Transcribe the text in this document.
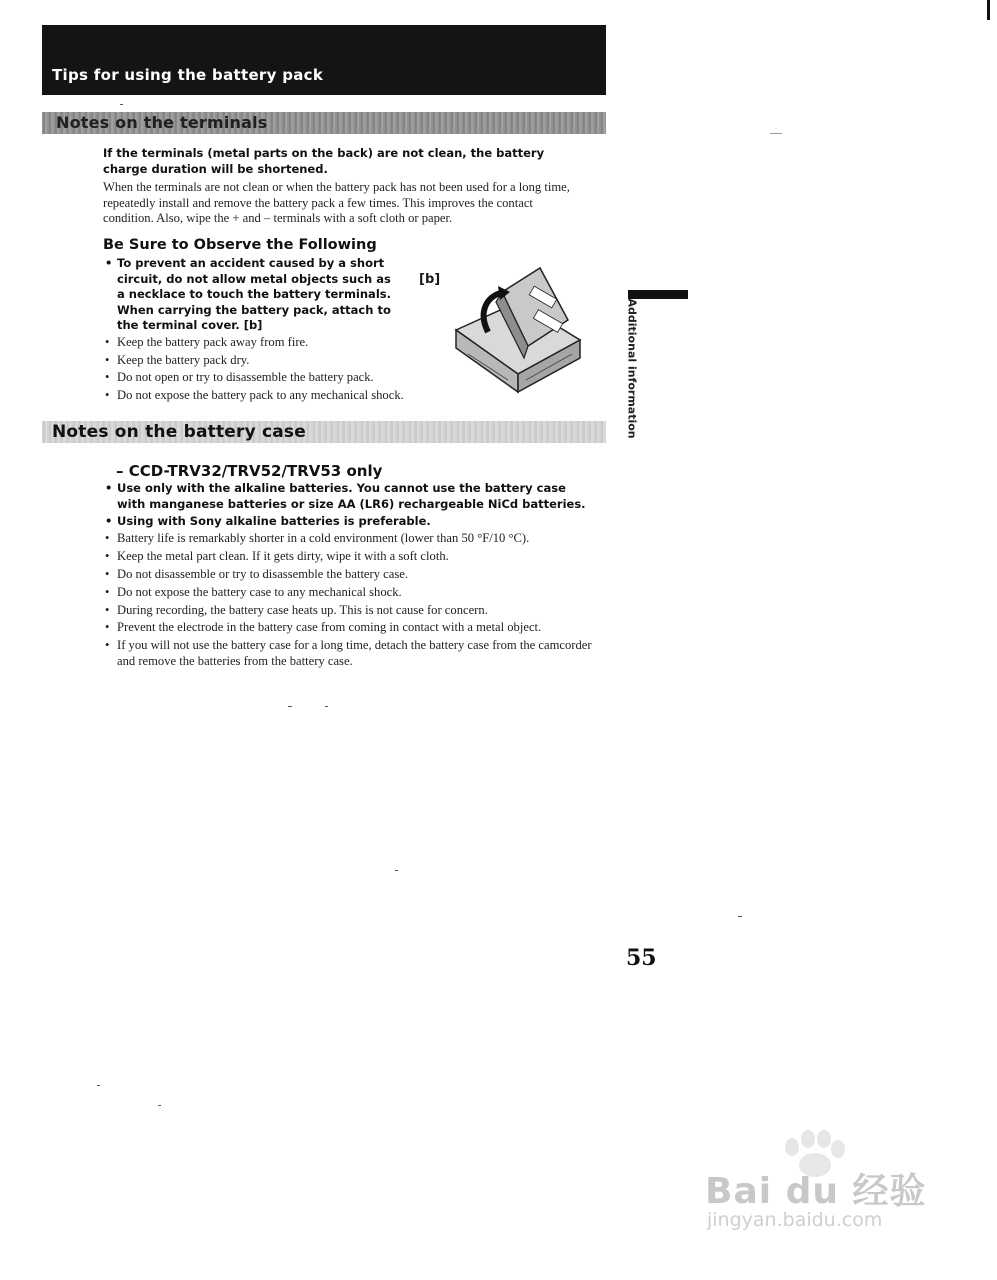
Tips for using the battery pack
Notes on the terminals
If the terminals (metal parts on the back) are not clean, the battery charge duration will be shortened.
When the terminals are not clean or when the battery pack has not been used for a long time, repeatedly install and remove the battery pack a few times. This improves the contact condition. Also, wipe the + and – terminals with a soft cloth or paper.
Be Sure to Observe the Following
• To prevent an accident caused by a short circuit, do not allow metal objects such as a necklace to touch the battery terminals. When carrying the battery pack, attach to the terminal cover. [b]
• Keep the battery pack away from fire.
• Keep the battery pack dry.
• Do not open or try to disassemble the battery pack.
• Do not expose the battery pack to any mechanical shock.
[b]
Notes on the battery case
– CCD-TRV32/TRV52/TRV53 only
• Use only with the alkaline batteries. You cannot use the battery case with manganese batteries or size AA (LR6) rechargeable NiCd batteries.
• Using with Sony alkaline batteries is preferable.
• Battery life is remarkably shorter in a cold environment (lower than 50 °F/10 °C).
• Keep the metal part clean. If it gets dirty, wipe it with a soft cloth.
• Do not disassemble or try to disassemble the battery case.
• Do not expose the battery case to any mechanical shock.
• During recording, the battery case heats up. This is not cause for concern.
• Prevent the electrode in the battery case from coming in contact with a metal object.
• If you will not use the battery case for a long time, detach the battery case from the camcorder and remove the batteries from the battery case.
Additional information
55
Bai du 经验
jingyan.baidu.com
